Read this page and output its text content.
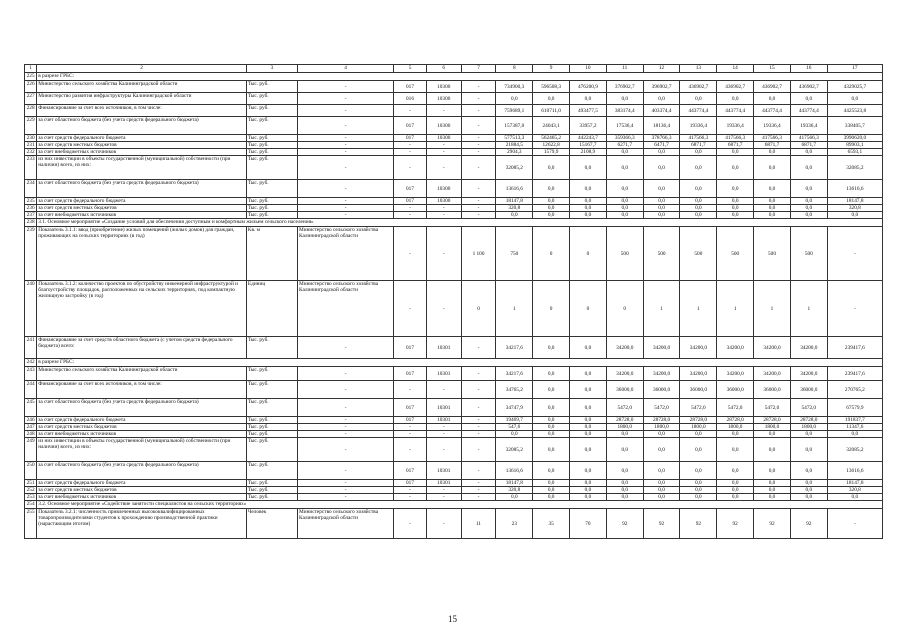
1	2	3	4	5	6	7	8	9	10	11	12	13	14	15	16	17
225	в разрезе ГРБС:															
226	Министерство сельского хозяйства Калининградской области	Тыс. руб.	-	017	10300	-	734900,3	596508,3	476200,9	376902,7	396902,7	436902,7	436902,7	436902,7	436902,7	4329025,7
227	Министерство развития инфраструктуры Калининградской области	Тыс. руб.	-	016	10300	-	0,0	0,0	0,0	0,0	0,0	0,0	0,0	0,0	0,0	0,0
228	Финансирование за счет всех источников, в том числе:	Тыс. руб.	-	-	-	-	759689,1	610711,0	493477,5	383174,4	403374,4	443774,4	443774,4	443774,4	443774,4	4425523,8
229	за счет областного бюджета (без учета средств федерального бюджета)	Тыс. руб.	-	017	10300	-	157387,0	24043,1	33957,2	17536,4	18136,4	19336,4	19336,4	19336,4	19336,4	338405,7
230	за счет средств федерального бюджета	Тыс. руб.	-	017	10300	-	577513,3	562465,2	442243,7	359366,3	378766,3	417566,3	417566,3	417566,3	417566,3	3990620,0
231	за счет средств местных бюджетов	Тыс. руб.	-	-	-	-	21884,5	12622,8	15167,7	6271,7	6471,7	6871,7	6871,7	6871,7	6871,7	89903,1
232	за счет внебюджетных источников	Тыс. руб.	-	-	-	-	2904,3	1579,9	2108,9	0,0	0,0	0,0	0,0	0,0	0,0	6593,1
233	из них инвестиции в объекты государственной (муниципальной) собственности (при наличии) всего, из них:	Тыс. руб.	-	-	-	-	32085,2	0,0	0,0	0,0	0,0	0,0	0,0	0,0	0,0	32085,2
234	за счет областного бюджета (без учета средств федерального бюджета)	Тыс. руб.	-	017	10300	-	13616,6	0,0	0,0	0,0	0,0	0,0	0,0	0,0	0,0	13616,6
235	за счет средств федерального бюджета	Тыс. руб.	-	017	10300	-	18147,8	0,0	0,0	0,0	0,0	0,0	0,0	0,0	0,0	18147,8
236	за счет средств местных бюджетов	Тыс. руб.	-	-	-	-	320,8	0,0	0,0	0,0	0,0	0,0	0,0	0,0	0,0	320,8
237	за счет внебюджетных источников	Тыс. руб.	-	-	-	-	0,0	0,0	0,0	0,0	0,0	0,0	0,0	0,0	0,0	0,0
238	3.1. Основное мероприятие «Создание условий для обеспечения доступным и комфортным жильем сельского населения»															
239	Показатель 3.1.1: ввод (приобретение) жилых помещений (жилых домов) для граждан, проживающих на сельских территориях (в год)	Кв. м	Министерство сельского хозяйства Калининградской области	-	-	1 100	750	0	0	500	500	500	500	500	500	-
240	Показатель 3.1.2: количество проектов по обустройству инженерной инфраструктурой и благоустройству площадок, расположенных на сельских территориях, под компактную жилищную застройку (в год)	Единиц	Министерство сельского хозяйства Калининградской области	-	-	0	1	0	0	0	1	1	1	1	1	-
241	Финансирование за счет средств областного бюджета (с учетом средств федерального бюджета) всего:	Тыс. руб.	-	017	10301	-	34217,6	0,0	0,0	34200,0	34200,0	34200,0	34200,0	34200,0	34200,0	239417,6
242	в разрезе ГРБС:															
243	Министерство сельского хозяйства Калининградской области	Тыс. руб.	-	017	10301	-	34217,6	0,0	0,0	34200,0	34200,0	34200,0	34200,0	34200,0	34200,0	239417,6
244	Финансирование за счет всех источников, в том числе:	Тыс. руб.	-	-	-	-	34765,2	0,0	0,0	36000,0	36000,0	36000,0	36000,0	36000,0	36000,0	270765,2
245	за счет областного бюджета (без учета средств федерального бюджета)	Тыс. руб.	-	017	10301	-	34747,9	0,0	0,0	5472,0	5472,0	5472,0	5472,0	5472,0	5472,0	67579,9
246	за счет средств федерального бюджета	Тыс. руб.	-	017	10301	-	19469,7	0,0	0,0	28728,0	28728,0	28728,0	28728,0	28728,0	28728,0	191837,7
247	за счет средств местных бюджетов	Тыс. руб.	-	-	-	-	547,6	0,0	0,0	1800,0	1800,0	1800,0	1800,0	1800,0	1800,0	11347,6
248	за счет внебюджетных источников	Тыс. руб.	-	-	-	-	0,0	0,0	0,0	0,0	0,0	0,0	0,0	0,0	0,0	0,0
249	из них инвестиции в объекты государственной (муниципальной) собственности (при наличии) всего, из них:	Тыс. руб.	-	-	-	-	32085,2	0,0	0,0	0,0	0,0	0,0	0,0	0,0	0,0	32085,2
250	за счет областного бюджета (без учета средств федерального бюджета)	Тыс. руб.	-	017	10301	-	13616,6	0,0	0,0	0,0	0,0	0,0	0,0	0,0	0,0	13616,6
251	за счет средств федерального бюджета	Тыс. руб.	-	017	10301	-	18147,8	0,0	0,0	0,0	0,0	0,0	0,0	0,0	0,0	18147,8
252	за счет средств местных бюджетов	Тыс. руб.	-	-	-	-	320,8	0,0	0,0	0,0	0,0	0,0	0,0	0,0	0,0	320,8
253	за счет внебюджетных источников	Тыс. руб.	-	-	-	-	0,0	0,0	0,0	0,0	0,0	0,0	0,0	0,0	0,0	0,0
254	3.2. Основное мероприятие «Содействие занятости специалистов на сельских территориях»															
255	Показатель 3.2.1: численность привлеченных высококвалифицированных товаропроизводителями студентов к прохождению производственной практики (нарастающим итогом)	Человек	Министерство сельского хозяйства Калининградской области	-	-	11	23	35	70	92	92	92	92	92	92	-
15
